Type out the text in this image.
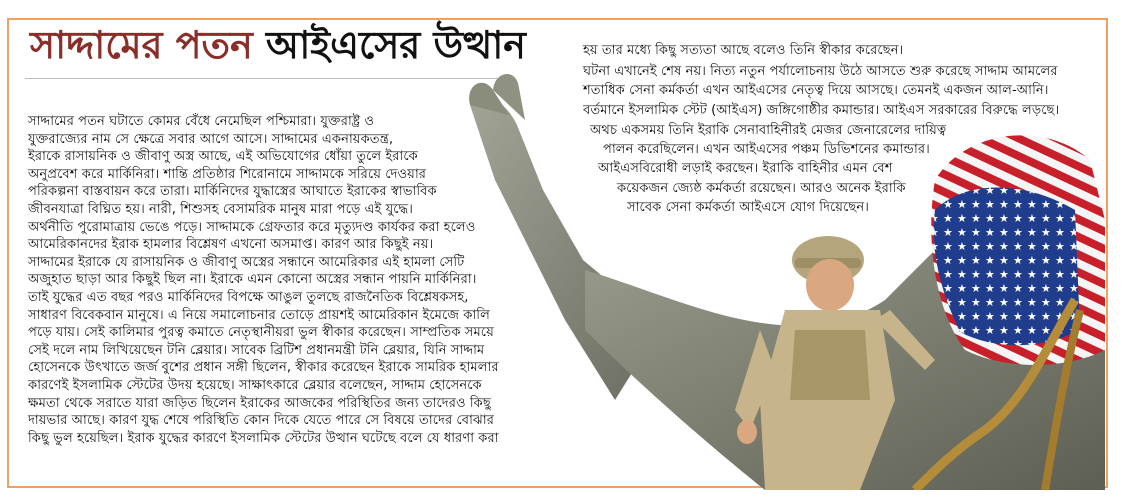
সাদ্দামের পতন আইএসের উত্থান
সাদ্দামের পতন ঘটাতে কোমর বেঁধে নেমেছিল পশ্চিমারা। যুক্তরাষ্ট্র ও
যুক্তরাজ্যের নাম সে ক্ষেত্রে সবার আগে আসে। সাদ্দামের একনায়কতন্ত্র,
ইরাকে রাসায়নিক ও জীবাণু অস্ত্র আছে, এই অভিযোগের ধোঁয়া তুলে ইরাকে
অনুপ্রবেশ করে মার্কিনিরা। শান্তি প্রতিষ্ঠার শিরোনামে সাদ্দামকে সরিয়ে দেওয়ার
পরিকল্পনা বাস্তবায়ন করে তারা। মার্কিনিদের যুদ্ধাস্ত্রের আঘাতে ইরাকের স্বাভাবিক
জীবনযাত্রা বিঘ্নিত হয়। নারী, শিশুসহ বেসামরিক মানুষ মারা পড়ে এই যুদ্ধে।
অর্থনীতি পুরোমাত্রায় ভেঙে পড়ে। সাদ্দামকে গ্রেফতার করে মৃত্যুদণ্ড কার্যকর করা হলেও
আমেরিকানদের ইরাক হামলার বিশ্লেষণ এখনো অসমাপ্ত। কারণ আর কিছুই নয়।
সাদ্দামের ইরাকে যে রাসায়নিক ও জীবাণু অস্ত্রের সন্ধানে আমেরিকার এই হামলা সেটি
অজুহাত ছাড়া আর কিছুই ছিল না। ইরাকে এমন কোনো অস্ত্রের সন্ধান পায়নি মার্কিনিরা।
তাই যুদ্ধের এত বছর পরও মার্কিনিদের বিপক্ষে আঙুল তুলছে রাজনৈতিক বিশ্লেষকসহ,
সাধারণ বিবেকবান মানুষে। এ নিয়ে সমালোচনার তোড়ে প্রায়শই আমেরিকান ইমেজে কালি
পড়ে যায়। সেই কালিমার পুরত্ব কমাতে নেতৃস্থানীয়রা ভুল স্বীকার করেছেন। সাম্প্রতিক সময়ে
সেই দলে নাম লিখিয়েছেন টনি ব্লেয়ার। সাবেক ব্রিটিশ প্রধানমন্ত্রী টনি ব্লেয়ার, যিনি সাদ্দাম
হোসেনকে উৎখাতে জর্জ বুশের প্রধান সঙ্গী ছিলেন, স্বীকার করেছেন ইরাকে সামরিক হামলার
কারণেই ইসলামিক স্টেটের উদয় হয়েছে। সাক্ষাৎকারে ব্লেয়ার বলেছেন, সাদ্দাম হোসেনকে
ক্ষমতা থেকে সরাতে যারা জড়িত ছিলেন ইরাকের আজকের পরিস্থিতির জন্য তাদেরও কিছু
দায়ভার আছে। কারণ যুদ্ধ শেষে পরিস্থিতি কোন দিকে যেতে পারে সে বিষয়ে তাদের বোঝার
কিছু ভুল হয়েছিল। ইরাক যুদ্ধের কারণে ইসলামিক স্টেটের উত্থান ঘটেছে বলে যে ধারণা করা
হয় তার মধ্যে কিছু সত্যতা আছে বলেও তিনি স্বীকার করেছেন।
ঘটনা এখানেই শেষ নয়। নিত্য নতুন পর্যালোচনায় উঠে আসতে শুরু করেছে সাদ্দাম আমলের
শতাধিক সেনা কর্মকর্তা এখন আইএসের নেতৃত্ব দিয়ে আসছে। তেমনই একজন আল-আনি।
বর্তমানে ইসলামিক স্টেট (আইএস) জঙ্গিগোষ্ঠীর কমান্ডার। আইএস সরকারের বিরুদ্ধে লড়ছে।
অথচ একসময় তিনি ইরাকি সেনাবাহিনীরই মেজর জেনারেলের দায়িত্ব
পালন করেছিলেন। এখন আইএসের পঞ্চম ডিভিশনের কমান্ডার।
আইএসবিরোধী লড়াই করছেন। ইরাকি বাহিনীর এমন বেশ
কয়েকজন জ্যেষ্ঠ কর্মকর্তা রয়েছেন। আরও অনেক ইরাকি
সাবেক সেনা কর্মকর্তা আইএসে যোগ দিয়েছেন।
